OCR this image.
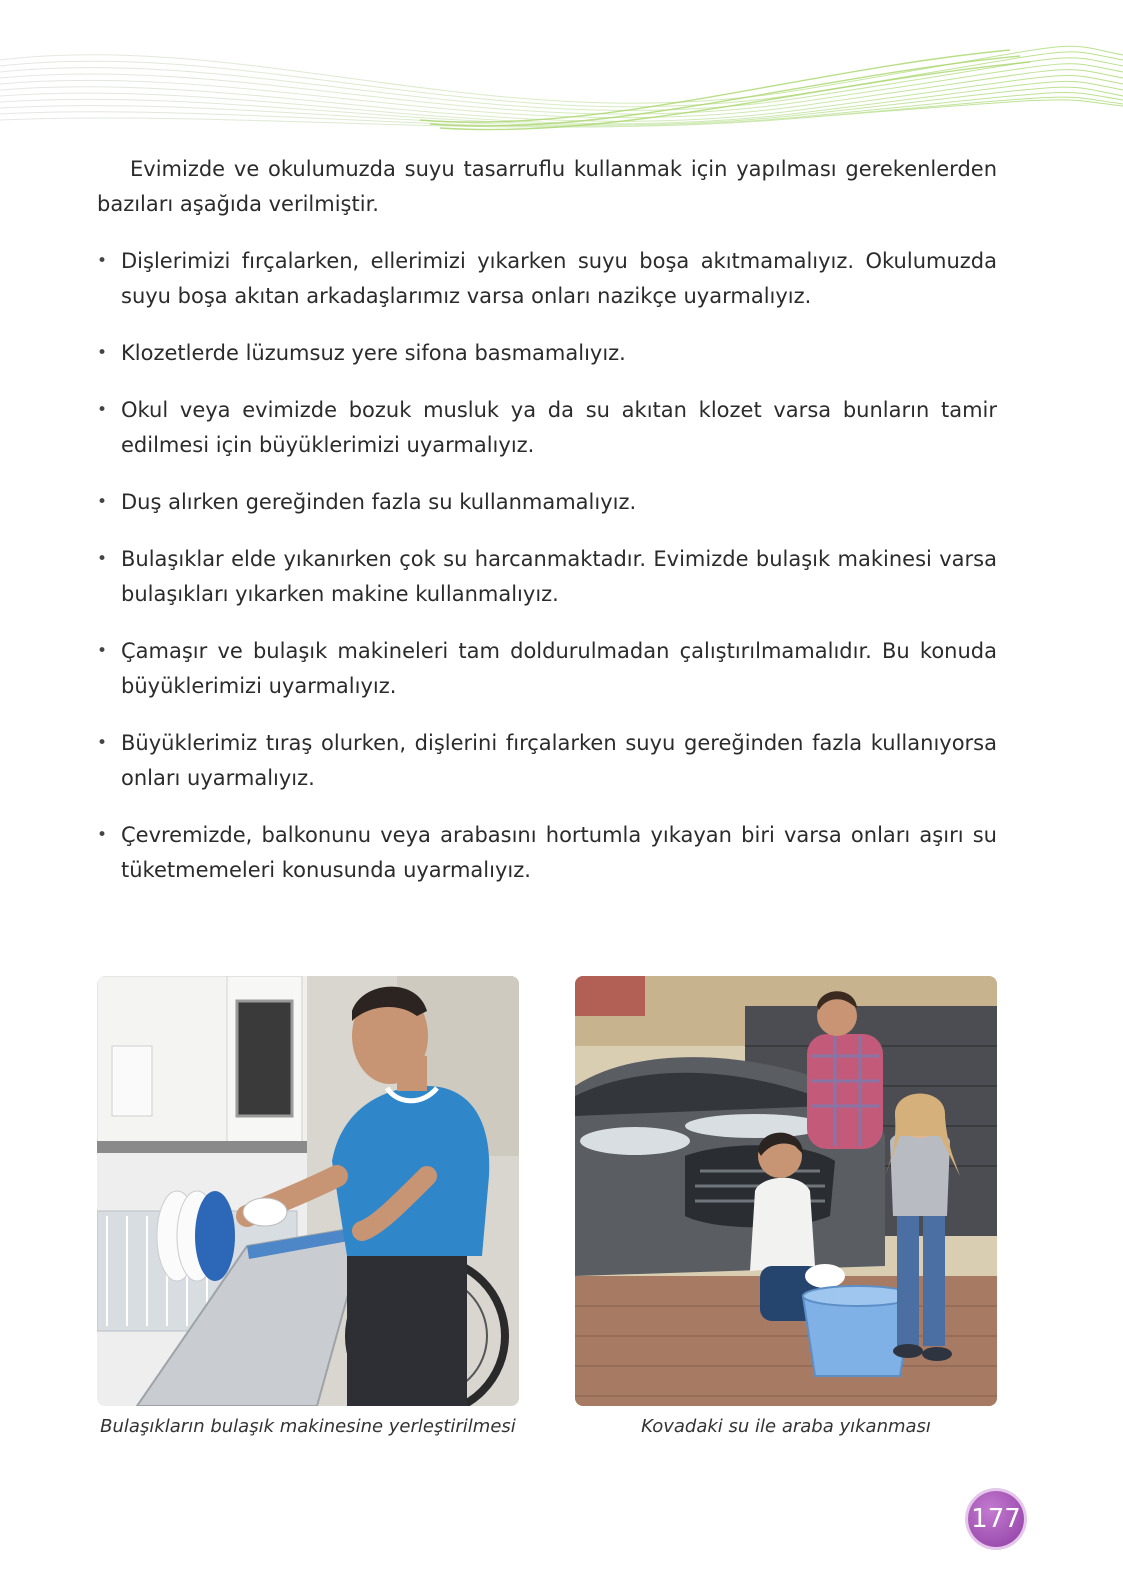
Evimizde ve okulumuzda suyu tasarruflu kullanmak için yapılması gerekenlerden bazıları aşağıda verilmiştir.

• Dişlerimizi fırçalarken, ellerimizi yıkarken suyu boşa akıtmamalıyız. Okulumuzda suyu boşa akıtan arkadaşlarımız varsa onları nazikçe uyarmalıyız.
• Klozetlerde lüzumsuz yere sifona basmamalıyız.
• Okul veya evimizde bozuk musluk ya da su akıtan klozet varsa bunların tamir edilmesi için büyüklerimizi uyarmalıyız.
• Duş alırken gereğinden fazla su kullanmamalıyız.
• Bulaşıklar elde yıkanırken çok su harcanmaktadır. Evimizde bulaşık makinesi varsa bulaşıkları yıkarken makine kullanmalıyız.
• Çamaşır ve bulaşık makineleri tam doldurulmadan çalıştırılmamalıdır. Bu konuda büyüklerimizi uyarmalıyız.
• Büyüklerimiz tıraş olurken, dişlerini fırçalarken suyu gereğinden fazla kullanıyorsa onları uyarmalıyız.
• Çevremizde, balkonunu veya arabasını hortumla yıkayan biri varsa onları aşırı su tüketmemeleri konusunda uyarmalıyız.
Bulaşıkların bulaşık makinesine yerleştirilmesi	Kovadaki su ile araba yıkanması
177
